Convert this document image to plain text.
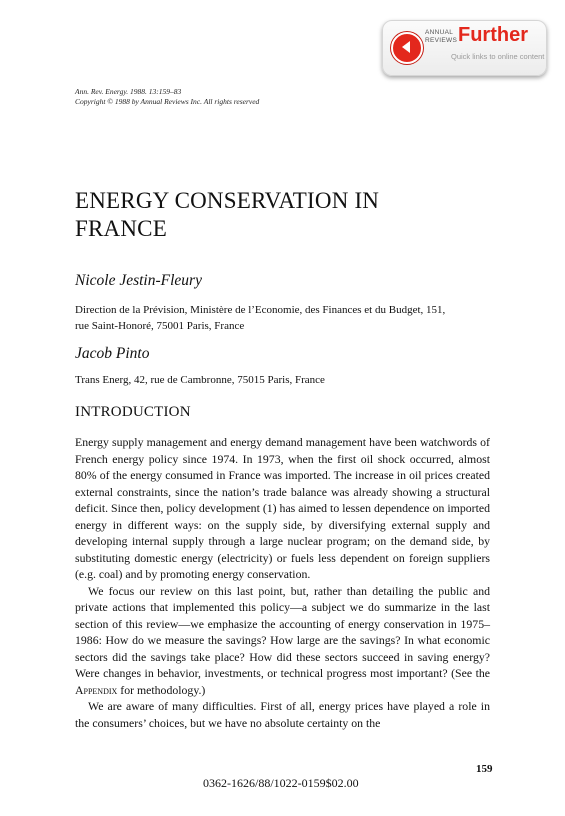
ANNUAL
REVIEWS Further
Quick links to online content
Ann. Rev. Energy. 1988. 13:159–83
Copyright © 1988 by Annual Reviews Inc. All rights reserved
ENERGY CONSERVATION IN
FRANCE
Nicole Jestin-Fleury
Direction de la Prévision, Ministère de l’Economie, des Finances et du Budget, 151,
rue Saint-Honoré, 75001 Paris, France
Jacob Pinto
Trans Energ, 42, rue de Cambronne, 75015 Paris, France
INTRODUCTION

Energy supply management and energy demand management have been watchwords of French energy policy since 1974. In 1973, when the first oil shock occurred, almost 80% of the energy consumed in France was imported. The increase in oil prices created external constraints, since the nation’s trade balance was already showing a structural deficit. Since then, policy development (1) has aimed to lessen dependence on imported energy in different ways: on the supply side, by diversifying external supply and developing internal supply through a large nuclear program; on the demand side, by substituting domestic energy (electricity) or fuels less dependent on foreign suppliers (e.g. coal) and by promoting energy conservation.

We focus our review on this last point, but, rather than detailing the public and private actions that implemented this policy—a subject we do summarize in the last section of this review—we emphasize the accounting of energy conservation in 1975–1986: How do we measure the savings? How large are the savings? In what economic sectors did the savings take place? How did these sectors succeed in saving energy? Were changes in behavior, investments, or technical progress most important? (See the Appendix for methodology.)

We are aware of many difficulties. First of all, energy prices have played a role in the consumers’ choices, but we have no absolute certainty on the

159
0362-1626/88/1022-0159$02.00
